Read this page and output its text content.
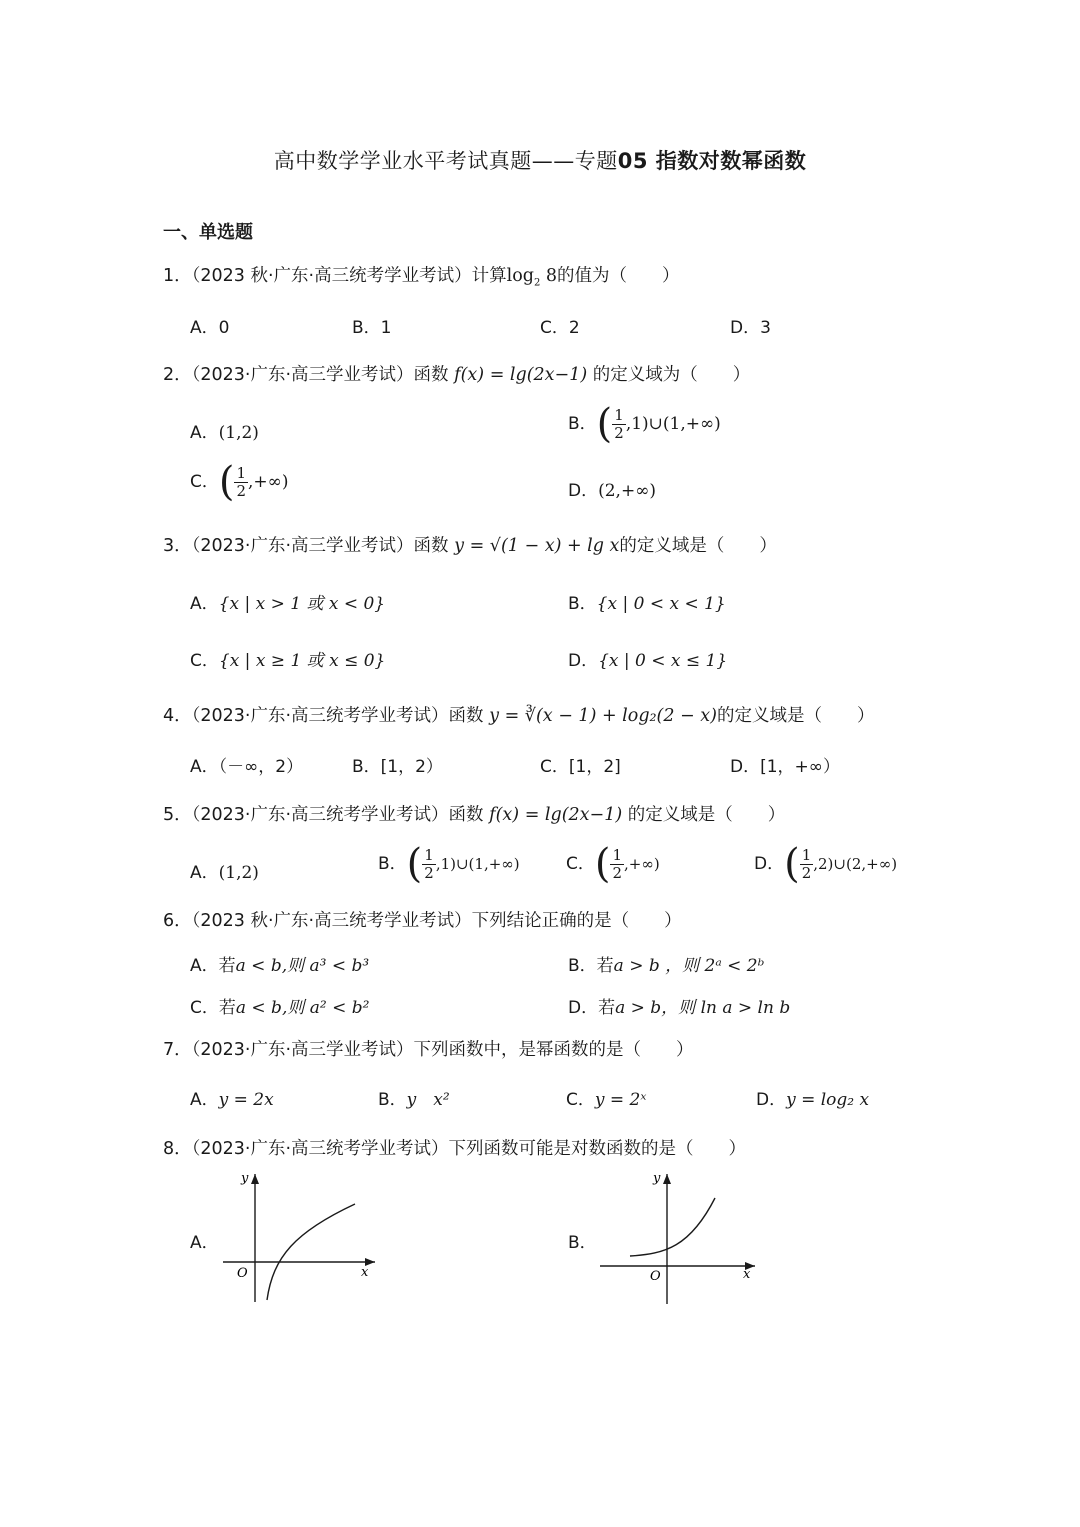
高中数学学业水平考试真题——专题05 指数对数幂函数
一、单选题
1．（2023 秋·广东·高三统考学业考试）计算$\log_2 8$的值为（　　）
A．0	B．1	C．2	D．3
2．（2023·广东·高三学业考试）函数 f(x) = lg(2x−1) 的定义域为（　　）
A．(1,2)	B．( $\frac{1}{2}$ ,1)∪(1,+∞)
C．( $\frac{1}{2}$ ,+∞)	D．(2,+∞)
3．（2023·广东·高三学业考试）函数 y = √(1 − x) + lg x的定义域是（　　）
A．{x | x > 1 或 x < 0}	B．{x | 0 < x < 1}
C．{x | x ≥ 1 或 x ≤ 0}	D．{x | 0 < x ≤ 1}
4．（2023·广东·高三统考学业考试）函数 y = ∛(x − 1) + log₂(2 − x)的定义域是（　　）
A．（－∞，2）	B．[1，2）	C．[1，2]	D．[1，+∞）
5．（2023·广东·高三统考学业考试）函数 f(x) = lg(2x−1) 的定义域是（　　）
A．(1,2)	B．( $\frac{1}{2}$ ,1)∪(1,+∞)	C．( $\frac{1}{2}$ ,+∞)	D．( $\frac{1}{2}$ ,2)∪(2,+∞)
6．（2023 秋·广东·高三统考学业考试）下列结论正确的是（　　）
A．若a < b,则 a³ < b³	B．若a > b ，则 2ᵃ < 2ᵇ
C．若a < b,则 a² < b²	D．若a > b，则 ln a > ln b
7．（2023·广东·高三学业考试）下列函数中，是幂函数的是（　　）
A．y = 2x	B．y　x²	C．y = 2ˣ	D．y = log₂ x
8．（2023·广东·高三统考学业考试）下列函数可能是对数函数的是（　　）
A．	B．
y
x
O
y
x
O
